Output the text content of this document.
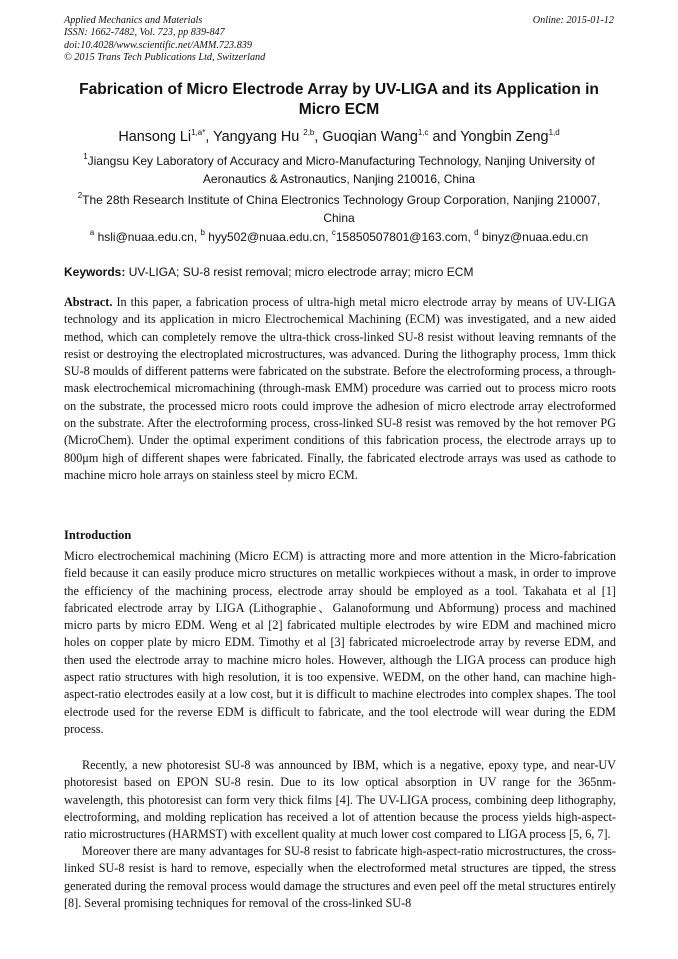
Applied Mechanics and Materials
ISSN: 1662-7482, Vol. 723, pp 839-847
doi:10.4028/www.scientific.net/AMM.723.839
© 2015 Trans Tech Publications Ltd, Switzerland
Online: 2015-01-12
Fabrication of Micro Electrode Array by UV-LIGA and its Application in
Micro ECM
Hansong $Li^{1,a*}$, Yangyang Hu $^{2,b}$, Guoqian Wang$^{1,c}$ and Yongbin Zeng$^{1,d}$
$^1$Jiangsu Key Laboratory of Accuracy and Micro-Manufacturing Technology, Nanjing University of
Aeronautics & Astronautics, Nanjing 210016, China
$^2$The 28th Research Institute of China Electronics Technology Group Corporation, Nanjing 210007,
China
$^a$ hsli@nuaa.edu.cn, $^b$ hyy502@nuaa.edu.cn, $^c$15850507801@163.com, $^d$ binyz@nuaa.edu.cn
Keywords: UV-LIGA; SU-8 resist removal; micro electrode array; micro ECM
Abstract. In this paper, a fabrication process of ultra-high metal micro electrode array by means of UV-LIGA technology and its application in micro Electrochemical Machining (ECM) was investigated, and a new aided method, which can completely remove the ultra-thick cross-linked SU-8 resist without leaving remnants of the resist or destroying the electroplated microstructures, was advanced. During the lithography process, 1mm thick SU-8 moulds of different patterns were fabricated on the substrate. Before the electroforming process, a through-mask electrochemical micromachining (through-mask EMM) procedure was carried out to process micro roots on the substrate, the processed micro roots could improve the adhesion of micro electrode array electroformed on the substrate. After the electroforming process, cross-linked SU-8 resist was removed by the hot remover PG (MicroChem). Under the optimal experiment conditions of this fabrication process, the electrode arrays up to 800μm high of different shapes were fabricated. Finally, the fabricated electrode arrays was used as cathode to machine micro hole arrays on stainless steel by micro ECM.
Introduction
Micro electrochemical machining (Micro ECM) is attracting more and more attention in the Micro-fabrication field because it can easily produce micro structures on metallic workpieces without a mask, in order to improve the efficiency of the machining process, electrode array should be employed as a tool. Takahata et al [1] fabricated electrode array by LIGA (Lithographie、Galanoformung und Abformung) process and machined micro parts by micro EDM. Weng et al [2] fabricated multiple electrodes by wire EDM and machined micro holes on copper plate by micro EDM. Timothy et al [3] fabricated microelectrode array by reverse EDM, and then used the electrode array to machine micro holes. However, although the LIGA process can produce high aspect ratio structures with high resolution, it is too expensive. WEDM, on the other hand, can machine high-aspect-ratio electrodes easily at a low cost, but it is difficult to machine electrodes into complex shapes. The tool electrode used for the reverse EDM is difficult to fabricate, and the tool electrode will wear during the EDM process.
Recently, a new photoresist SU-8 was announced by IBM, which is a negative, epoxy type, and near-UV photoresist based on EPON SU-8 resin. Due to its low optical absorption in UV range for the 365nm-wavelength, this photoresist can form very thick films [4]. The UV-LIGA process, combining deep lithography, electroforming, and molding replication has received a lot of attention because the process yields high-aspect-ratio microstructures (HARMST) with excellent quality at much lower cost compared to LIGA process [5, 6, 7].
Moreover there are many advantages for SU-8 resist to fabricate high-aspect-ratio microstructures, the cross-linked SU-8 resist is hard to remove, especially when the electroformed metal structures are tipped, the stress generated during the removal process would damage the structures and even peel off the metal structures entirely [8]. Several promising techniques for removal of the cross-linked SU-8
